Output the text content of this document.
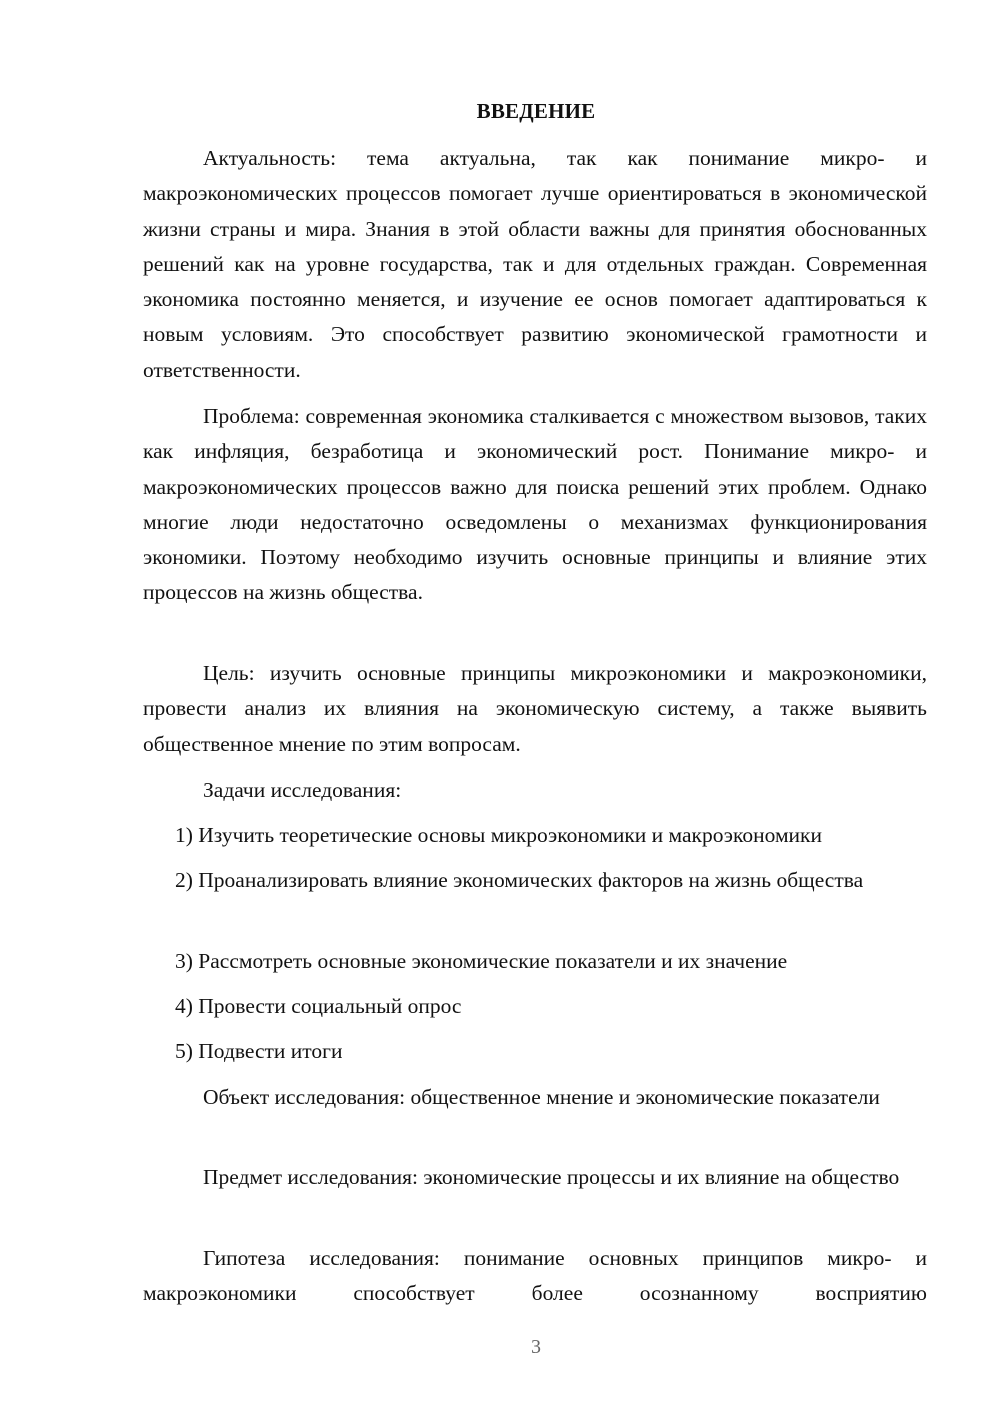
ВВЕДЕНИЕ

Актуальность: тема актуальна, так как понимание микро- и макроэкономических процессов помогает лучше ориентироваться в экономической жизни страны и мира. Знания в этой области важны для принятия обоснованных решений как на уровне государства, так и для отдельных граждан. Современная экономика постоянно меняется, и изучение ее основ помогает адаптироваться к новым условиям. Это способствует развитию экономической грамотности и ответственности.

Проблема: современная экономика сталкивается с множеством вызовов, таких как инфляция, безработица и экономический рост. Понимание микро- и макроэкономических процессов важно для поиска решений этих проблем. Однако многие люди недостаточно осведомлены о механизмах функционирования экономики. Поэтому необходимо изучить основные принципы и влияние этих процессов на жизнь общества.

Цель: изучить основные принципы микроэкономики и макроэкономики, провести анализ их влияния на экономическую систему, а также выявить общественное мнение по этим вопросам.

Задачи исследования:

1) Изучить теоретические основы микроэкономики и макроэкономики

2) Проанализировать влияние экономических факторов на жизнь общества

3) Рассмотреть основные экономические показатели и их значение

4) Провести социальный опрос

5) Подвести итоги

Объект исследования: общественное мнение и экономические показатели

Предмет исследования: экономические процессы и их влияние на общество

Гипотеза исследования: понимание основных принципов микро- и макроэкономики способствует более осознанному восприятию

3
